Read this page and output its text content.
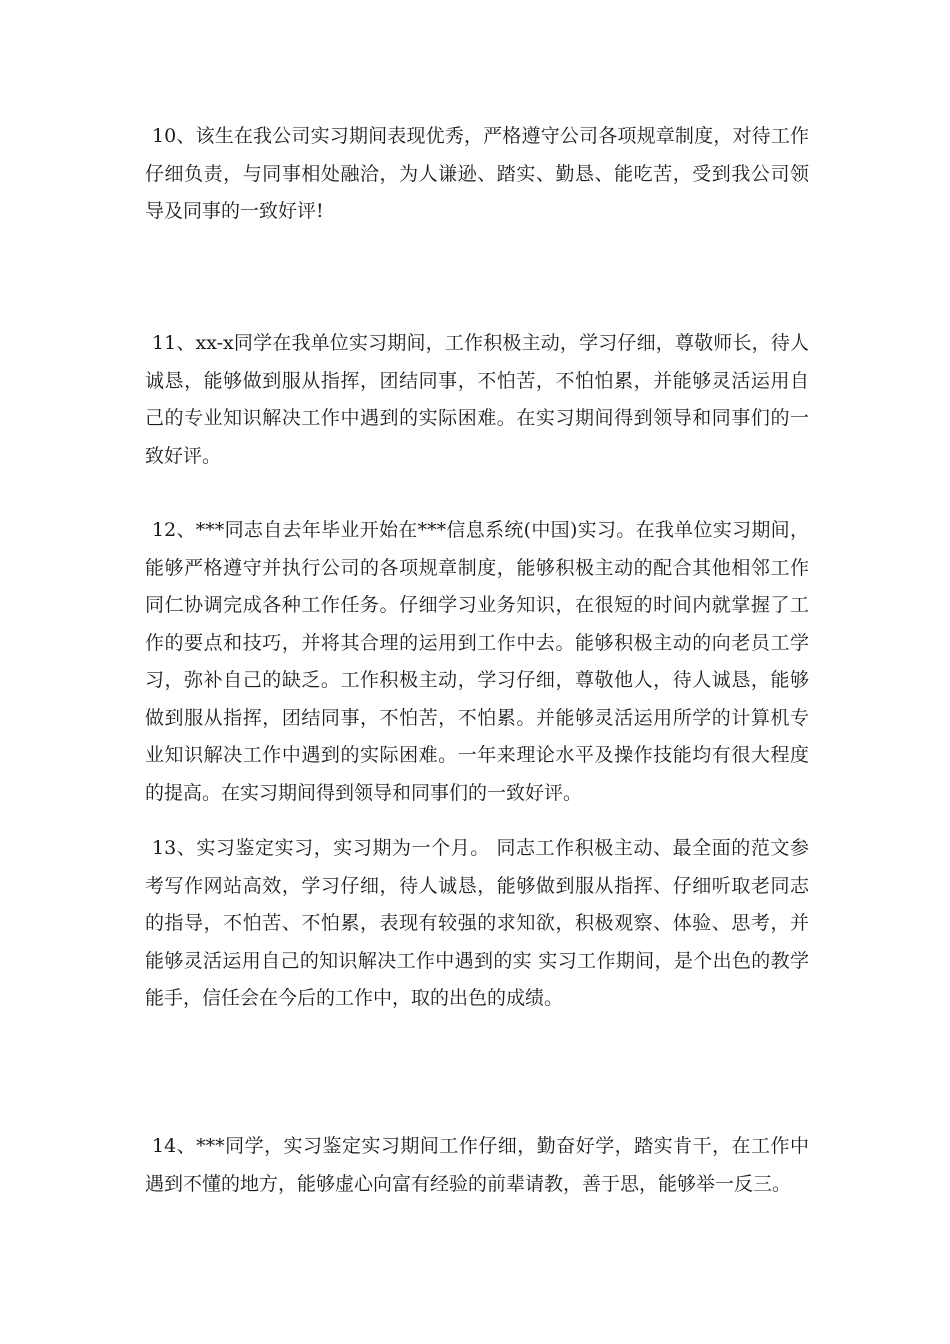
10、该生在我公司实习期间表现优秀，严格遵守公司各项规章制度，对待工作仔细负责，与同事相处融洽，为人谦逊、踏实、勤恳、能吃苦，受到我公司领导及同事的一致好评!

11、xx-x同学在我单位实习期间，工作积极主动，学习仔细，尊敬师长，待人诚恳，能够做到服从指挥，团结同事，不怕苦，不怕怕累，并能够灵活运用自己的专业知识解决工作中遇到的实际困难。在实习期间得到领导和同事们的一致好评。

12、***同志自去年毕业开始在***信息系统(中国)实习。在我单位实习期间，能够严格遵守并执行公司的各项规章制度，能够积极主动的配合其他相邻工作同仁协调完成各种工作任务。仔细学习业务知识，在很短的时间内就掌握了工作的要点和技巧，并将其合理的运用到工作中去。能够积极主动的向老员工学习，弥补自己的缺乏。工作积极主动，学习仔细，尊敬他人，待人诚恳，能够做到服从指挥，团结同事，不怕苦，不怕累。并能够灵活运用所学的计算机专业知识解决工作中遇到的实际困难。一年来理论水平及操作技能均有很大程度的提高。在实习期间得到领导和同事们的一致好评。

13、实习鉴定实习，实习期为一个月。 同志工作积极主动、最全面的范文参考写作网站高效，学习仔细，待人诚恳，能够做到服从指挥、仔细听取老同志的指导，不怕苦、不怕累，表现有较强的求知欲，积极观察、体验、思考，并能够灵活运用自己的知识解决工作中遇到的实 实习工作期间，是个出色的教学能手，信任会在今后的工作中，取的出色的成绩。

14、***同学，实习鉴定实习期间工作仔细，勤奋好学，踏实肯干，在工作中遇到不懂的地方，能够虚心向富有经验的前辈请教，善于思，能够举一反三。
